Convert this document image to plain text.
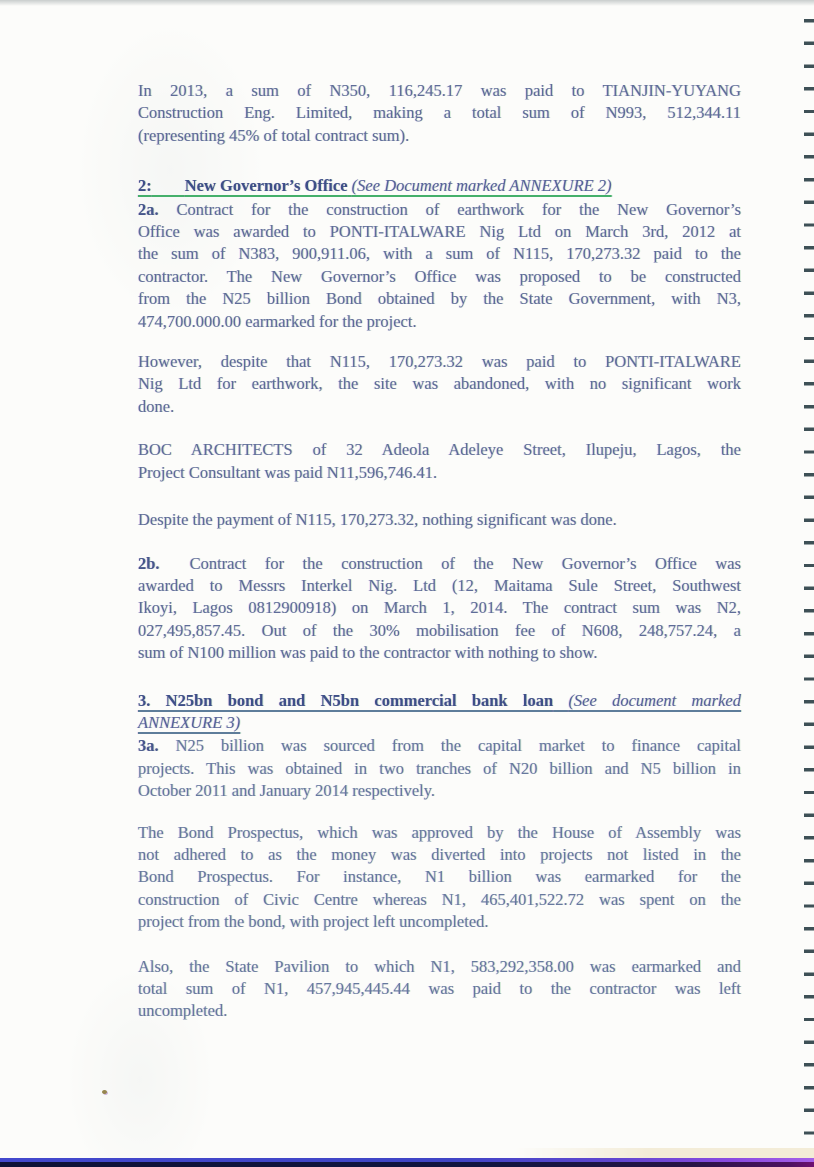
In 2013, a sum of N350, 116,245.17 was paid to TIANJIN-YUYANG
Construction Eng. Limited, making a total sum of N993, 512,344.11
(representing 45% of total contract sum).
2: New Governor’s Office (See Document marked ANNEXURE 2)
2a. Contract for the construction of earthwork for the New Governor’s
Office was awarded to PONTI-ITALWARE Nig Ltd on March 3rd, 2012 at
the sum of N383, 900,911.06, with a sum of N115, 170,273.32 paid to the
contractor. The New Governor’s Office was proposed to be constructed
from the N25 billion Bond obtained by the State Government, with N3,
474,700.000.00 earmarked for the project.
However, despite that N115, 170,273.32 was paid to PONTI-ITALWARE
Nig Ltd for earthwork, the site was abandoned, with no significant work
done.
BOC ARCHITECTS of 32 Adeola Adeleye Street, Ilupeju, Lagos, the
Project Consultant was paid N11,596,746.41.
Despite the payment of N115, 170,273.32, nothing significant was done.
2b. Contract for the construction of the New Governor’s Office was
awarded to Messrs Interkel Nig. Ltd (12, Maitama Sule Street, Southwest
Ikoyi, Lagos 0812900918) on March 1, 2014. The contract sum was N2,
027,495,857.45. Out of the 30% mobilisation fee of N608, 248,757.24, a
sum of N100 million was paid to the contractor with nothing to show.
3. N25bn bond and N5bn commercial bank loan (See document marked
ANNEXURE 3)
3a. N25 billion was sourced from the capital market to finance capital
projects. This was obtained in two tranches of N20 billion and N5 billion in
October 2011 and January 2014 respectively.
The Bond Prospectus, which was approved by the House of Assembly was
not adhered to as the money was diverted into projects not listed in the
Bond Prospectus. For instance, N1 billion was earmarked for the
construction of Civic Centre whereas N1, 465,401,522.72 was spent on the
project from the bond, with project left uncompleted.
Also, the State Pavilion to which N1, 583,292,358.00 was earmarked and
total sum of N1, 457,945,445.44 was paid to the contractor was left
uncompleted.
